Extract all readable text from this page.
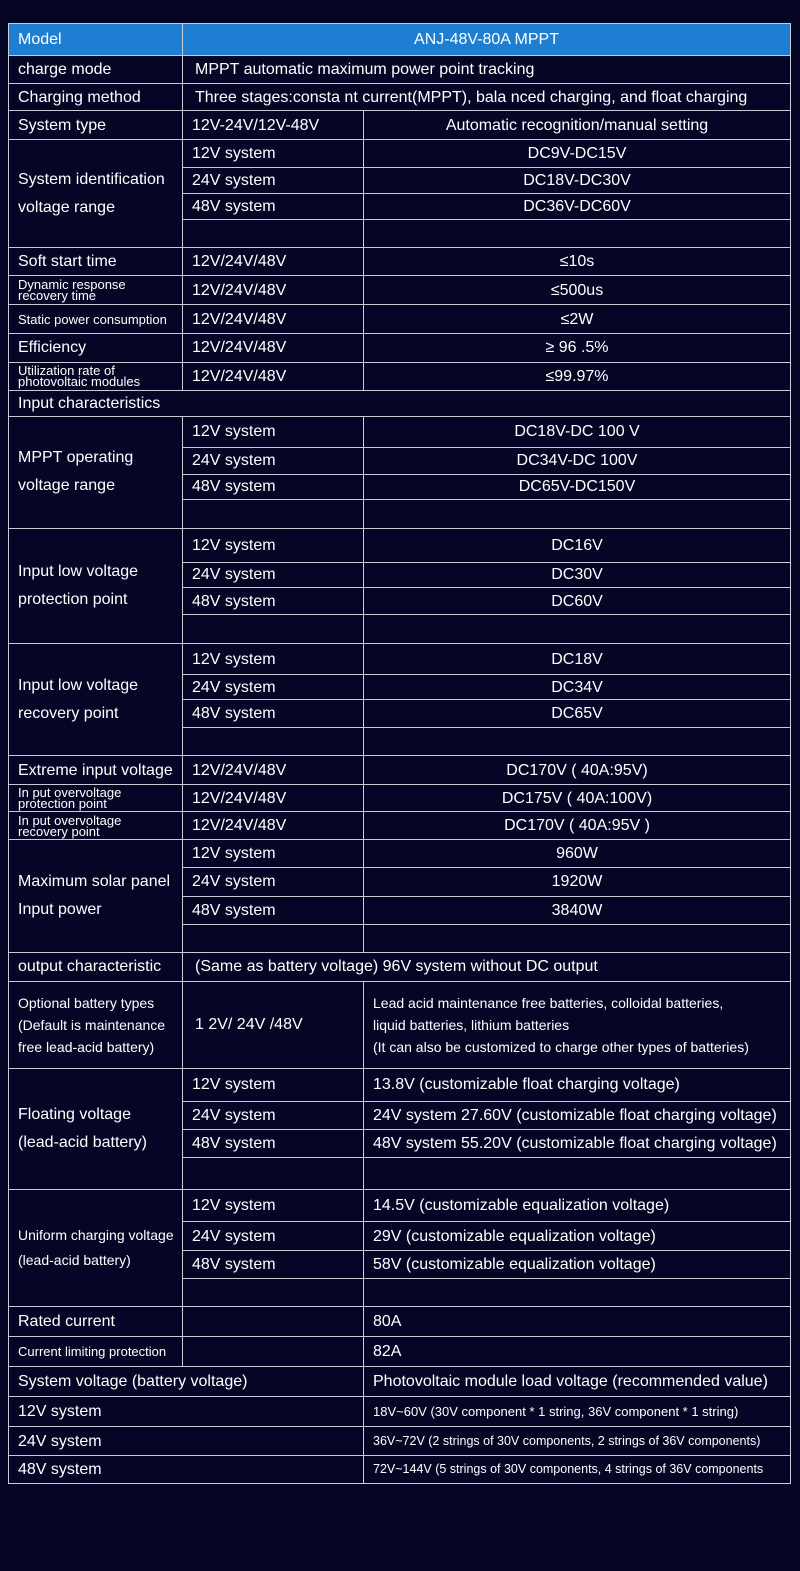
Model	ANJ-48V-80A MPPT	
charge mode	MPPT automatic maximum power point tracking	
Charging method	Three stages:consta nt current(MPPT), bala nced charging, and float charging	
System type	12V-24V/12V-48V	Automatic recognition/manual setting
System identification
voltage range	12V system	DC9V-DC15V
	24V system	DC18V-DC30V
	48V system	DC36V-DC60V

Soft start time	12V/24V/48V	≤10s
Dynamic response
recovery time	12V/24V/48V	≤500us
Static power consumption	12V/24V/48V	≤2W
Efficiency	12V/24V/48V	≥ 96 .5%
Utilization rate of
photovoltaic modules	12V/24V/48V	≤99.97%
Input characteristics		
MPPT operating
voltage range	12V system	DC18V-DC 100 V
	24V system	DC34V-DC 100V
	48V system	DC65V-DC150V

Input low voltage
protection point	12V system	DC16V
	24V system	DC30V
	48V system	DC60V

Input low voltage
recovery point	12V system	DC18V
	24V system	DC34V
	48V system	DC65V

Extreme input voltage	12V/24V/48V	DC170V ( 40A:95V)
In put overvoltage
protection point	12V/24V/48V	DC175V ( 40A:100V)
In put overvoltage
recovery point	12V/24V/48V	DC170V ( 40A:95V )
Maximum solar panel
Input power	12V system	960W
	24V system	1920W
	48V system	3840W

output characteristic	(Same as battery voltage) 96V system without DC output	
Optional battery types
(Default is maintenance
free lead-acid battery)	1 2V/ 24V /48V	Lead acid maintenance free batteries, colloidal batteries,
liquid batteries, lithium batteries
(It can also be customized to charge other types of batteries)
Floating voltage
(lead-acid battery)	12V system	13.8V (customizable float charging voltage)
	24V system	24V system 27.60V (customizable float charging voltage)
	48V system	48V system 55.20V (customizable float charging voltage)

Uniform charging voltage
(lead-acid battery)	12V system	14.5V (customizable equalization voltage)
	24V system	29V (customizable equalization voltage)
	48V system	58V (customizable equalization voltage)

Rated current		80A
Current limiting protection		82A
System voltage (battery voltage)		Photovoltaic module load voltage (recommended value)
12V system		18V~60V (30V component * 1 string, 36V component * 1 string)
24V system		36V~72V (2 strings of 30V components, 2 strings of 36V components)
48V system		72V~144V (5 strings of 30V components, 4 strings of 36V components
